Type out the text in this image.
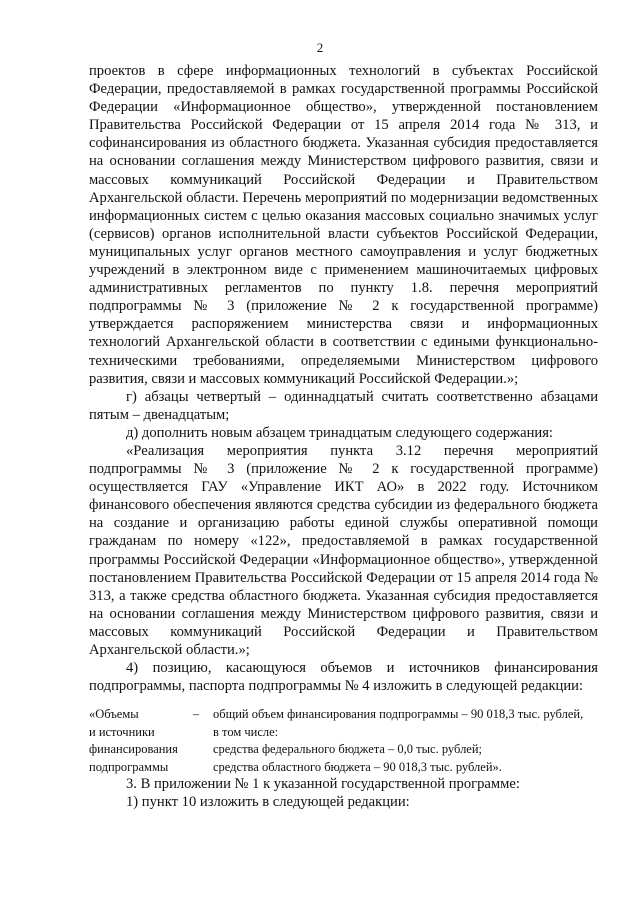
2

проектов в сфере информационных технологий в субъектах Российской Федерации, предоставляемой в рамках государственной программы Российской Федерации «Информационное общество», утвержденной постановлением Правительства Российской Федерации от 15 апреля 2014 года № 313, и софинансирования из областного бюджета. Указанная субсидия предоставляется на основании соглашения между Министерством цифрового развития, связи и массовых коммуникаций Российской Федерации и Правительством Архангельской области. Перечень мероприятий по модернизации ведомственных информационных систем с целью оказания массовых социально значимых услуг (сервисов) органов исполнительной власти субъектов Российской Федерации, муниципальных услуг органов местного самоуправления и услуг бюджетных учреждений в электронном виде с применением машиночитаемых цифровых административных регламентов по пункту 1.8. перечня мероприятий подпрограммы № 3 (приложение № 2 к государственной программе) утверждается распоряжением министерства связи и информационных технологий Архангельской области в соответствии с едиными функционально-техническими требованиями, определяемыми Министерством цифрового развития, связи и массовых коммуникаций Российской Федерации.»;

г) абзацы четвертый – одиннадцатый считать соответственно абзацами пятым – двенадцатым;

д) дополнить новым абзацем тринадцатым следующего содержания:

«Реализация мероприятия пункта 3.12 перечня мероприятий подпрограммы № 3 (приложение № 2 к государственной программе) осуществляется ГАУ «Управление ИКТ АО» в 2022 году. Источником финансового обеспечения являются средства субсидии из федерального бюджета на создание и организацию работы единой службы оперативной помощи гражданам по номеру «122», предоставляемой в рамках государственной программы Российской Федерации «Информационное общество», утвержденной постановлением Правительства Российской Федерации от 15 апреля 2014 года № 313, а также средства областного бюджета. Указанная субсидия предоставляется на основании соглашения между Министерством цифрового развития, связи и массовых коммуникаций Российской Федерации и Правительством Архангельской области.»;

4) позицию, касающуюся объемов и источников финансирования подпрограммы, паспорта подпрограммы № 4 изложить в следующей редакции:

«Объемы
и источники
финансирования
подпрограммы
–	общий объем финансирования подпрограммы – 90 018,3 тыс. рублей,
в том числе:
средства федерального бюджета – 0,0 тыс. рублей;
средства областного бюджета – 90 018,3 тыс. рублей».

3. В приложении № 1 к указанной государственной программе:

1) пункт 10 изложить в следующей редакции:
